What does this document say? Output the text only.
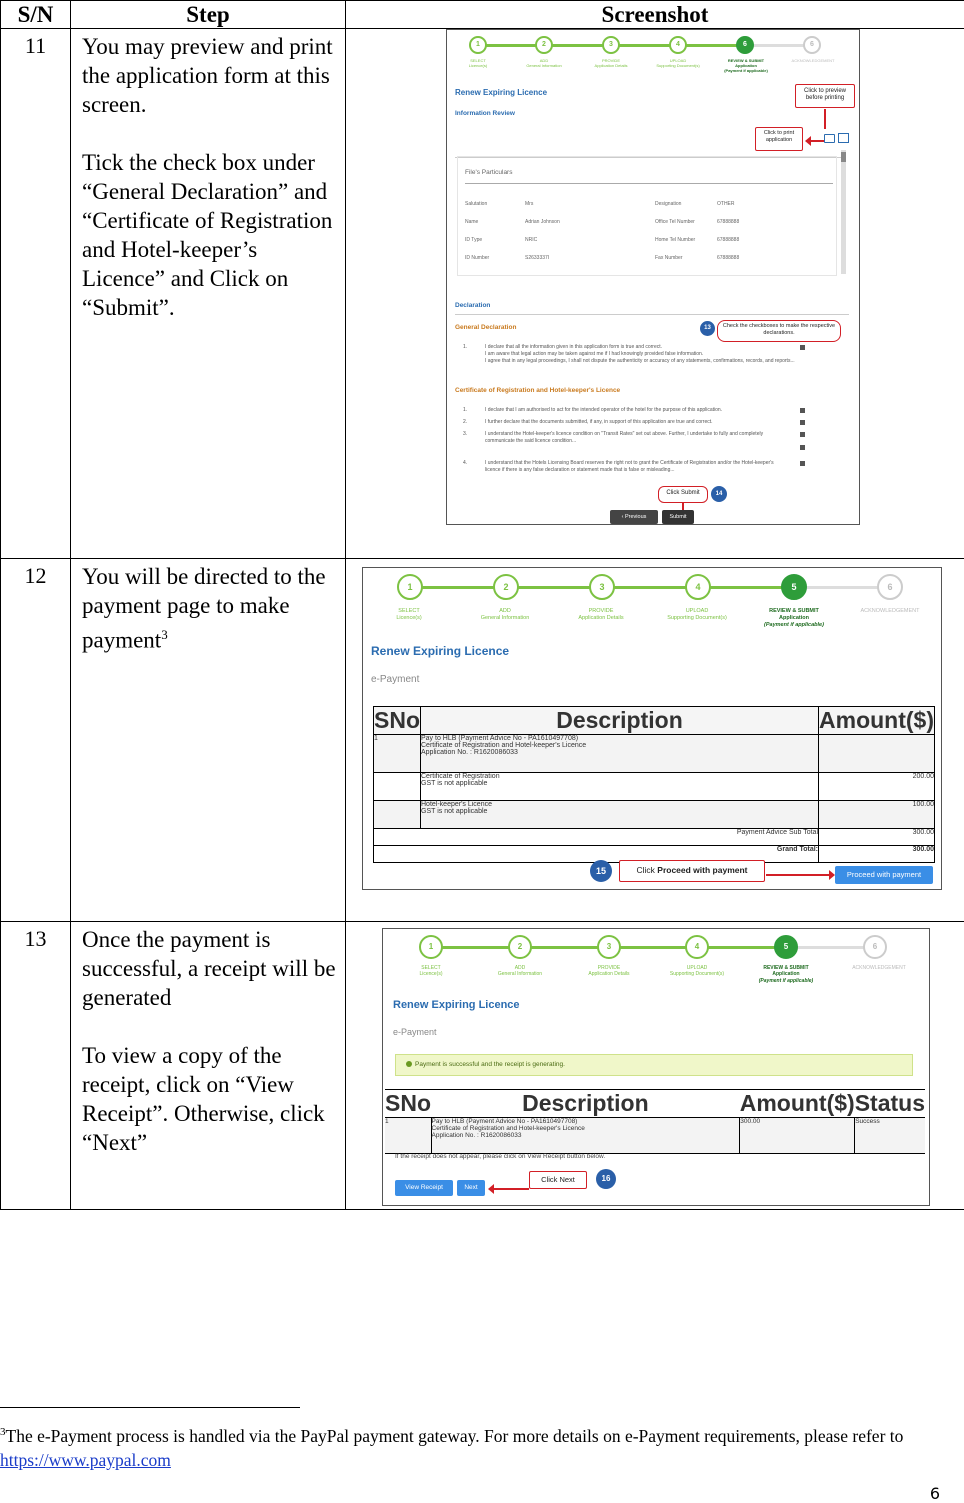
S/N	Step	Screenshot
11	You may preview and print the application form at this screen.

Tick the check box under “General Declaration” and “Certificate of Registration and Hotel-keeper’s Licence” and Click on “Submit”.

1	2	3	4	6	6
SELECT
Licence(s)
ADD
General Information
PROVIDE
Application Details
UPLOAD
Supporting Document(s)
REVIEW & SUBMIT
Application
(Payment if applicable)
ACKNOWLEDGEMENT
Renew Expiring Licence	Click to preview before printing
Information Review
Click to print application
File's Particulars
Salutation	Mrs	Designation	OTHER
Name	Adrian Johnson	Office Tel Number	67888888
ID Type	NRIC	Home Tel Number	67888888
ID Number	S2633337I	Fax Number	67888888
Declaration
General Declaration	13	Check the checkboxes to make the respective declarations.
1.	I declare that all the information given in this application form is true and correct.
I am aware that legal action may be taken against me if I had knowingly provided false information.
I agree that in any legal proceedings, I shall not dispute the authenticity or accuracy of any statements, confirmations, records, and reports...
Certificate of Registration and Hotel-keeper's Licence
1.	I declare that I am authorised to act for the intended operator of the hotel for the purpose of this application.
2.	I further declare that the documents submitted, if any, in support of this application are true and correct.
3.	I understand the Hotel-keeper's licence condition on "Transit Rates" set out above. Further, I undertake to fully and completely communicate the said licence condition...
4.	I understand that the Hotels Licensing Board reserves the right not to grant the Certificate of Registration and/or the Hotel-keeper's licence if there is any false declaration or statement made that is false or misleading...
Click Submit	14
‹ Previous	Submit

12	You will be directed to the payment page to make payment$^3$

1	2	3	4	5	6
SELECT
Licence(s)
ADD
General Information
PROVIDE
Application Details
UPLOAD
Supporting Document(s)
REVIEW & SUBMIT
Application
(Payment if applicable)
ACKNOWLEDGEMENT
Renew Expiring Licence
e-Payment
SNo	Description	Amount($)
1	Pay to HLB (Payment Advice No - PA1610497708)
Certificate of Registration and Hotel-keeper's Licence
Application No. : R1620086033

Certificate of Registration
GST is not applicable
	200.00

Hotel-keeper's Licence
GST is not applicable
	100.00
Payment Advice Sub Total	300.00
Grand Total:	300.00
15	Click Proceed with payment	Proceed with payment

13	Once the payment is successful, a receipt will be generated

To view a copy of the receipt, click on “View Receipt”. Otherwise, click “Next”

1	2	3	4	5	6
SELECT
Licence(s)
ADD
General Information
PROVIDE
Application Details
UPLOAD
Supporting Document(s)
REVIEW & SUBMIT
Application
(Payment if applicable)
ACKNOWLEDGEMENT
Renew Expiring Licence
e-Payment
Payment is successful and the receipt is generating.
SNo	Description	Amount($)	Status
1	Pay to HLB (Payment Advice No - PA1610497708)
Certificate of Registration and Hotel-keeper's Licence
Application No. : R1620086033
	300.00	Success
If the receipt does not appear, please click on View Receipt button below.
View Receipt	Next
Click Next	16
$^3$The e-Payment process is handled via the PayPal payment gateway. For more details on e-Payment requirements, please refer to https://www.paypal.com
6
